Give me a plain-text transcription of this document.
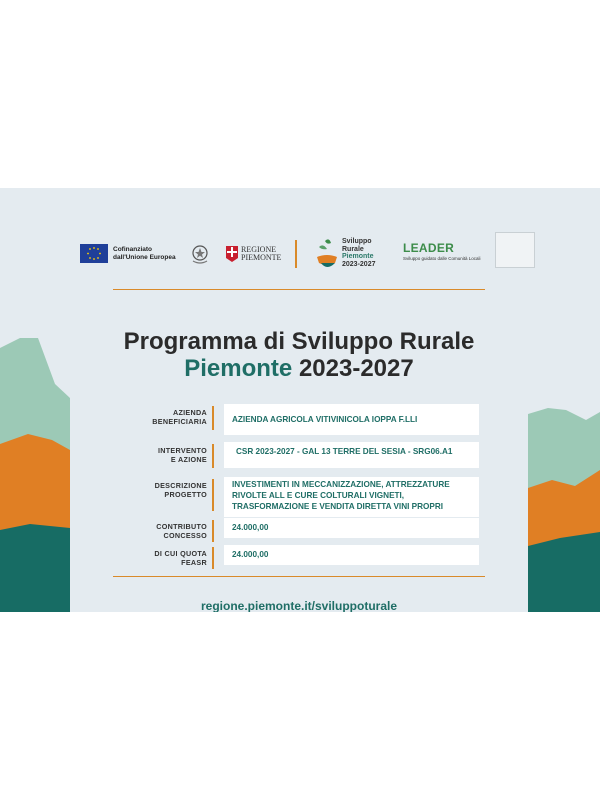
Cofinanziato
dall'Unione Europea
REGIONE
PIEMONTE
Sviluppo
Rurale
Piemonte
2023-2027
LEADER
Sviluppo guidato dalle Comunità Locali
Programma di Sviluppo Rurale
Piemonte 2023-2027
AZIENDA
BENEFICIARIA	AZIENDA AGRICOLA VITIVINICOLA IOPPA F.LLI
INTERVENTO
E AZIONE
CSR 2023-2027 - GAL 13 TERRE DEL SESIA - SRG06.A1
DESCRIZIONE
PROGETTO
INVESTIMENTI IN MECCANIZZAZIONE, ATTREZZATURE
RIVOLTE ALL E CURE COLTURALI VIGNETI,
TRASFORMAZIONE E VENDITA DIRETTA VINI PROPRI
CONTRIBUTO
CONCESSO
24.000,00
DI CUI QUOTA
FEASR
24.000,00
regione.piemonte.it/sviluppoturale
